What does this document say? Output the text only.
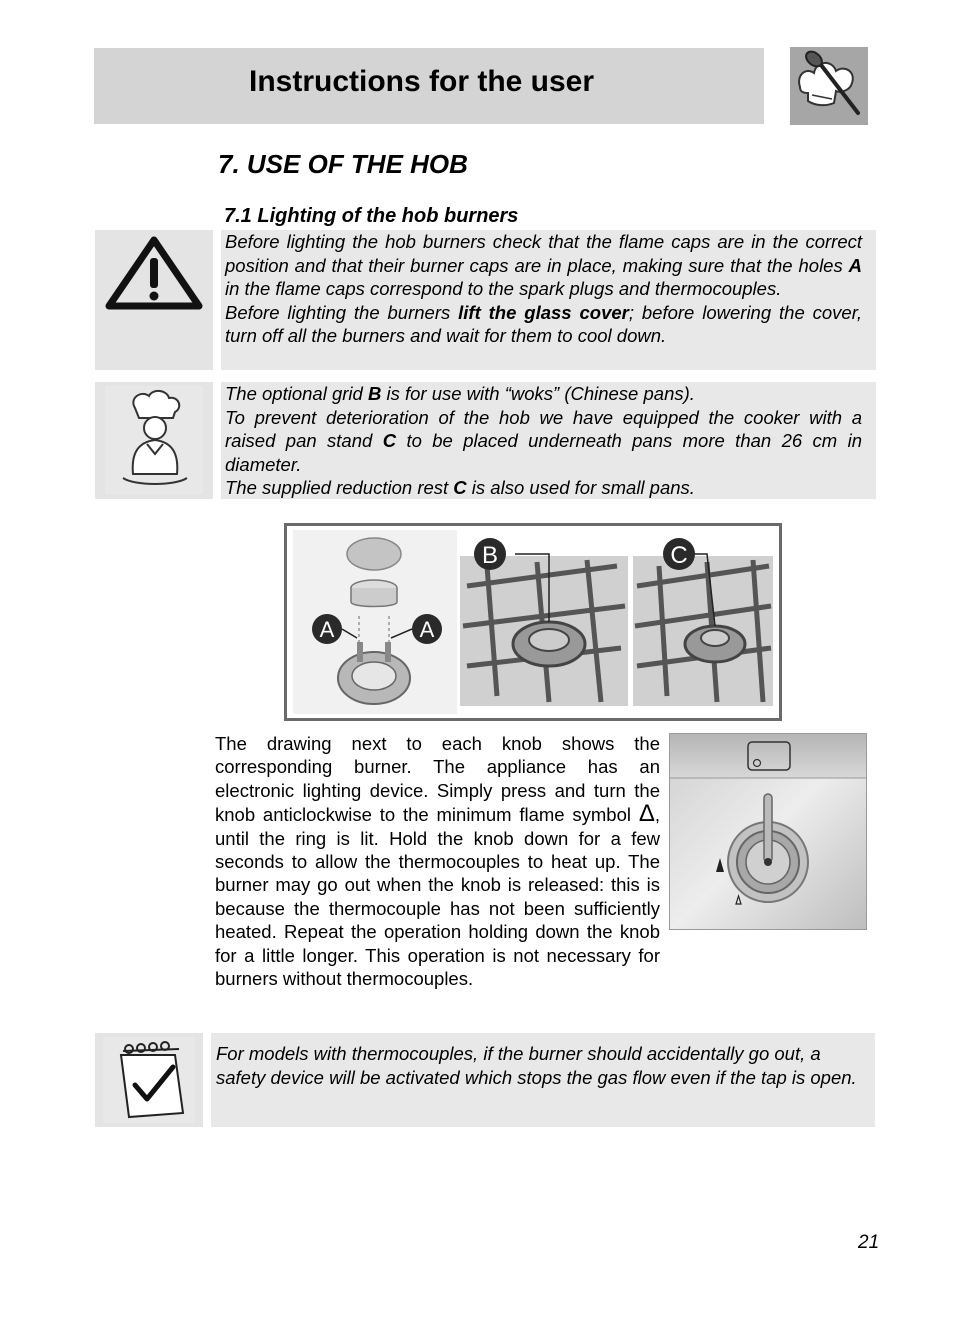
Instructions for the user
7. USE OF THE HOB
7.1 Lighting of the hob burners

Before lighting the hob burners check that the flame caps are in the correct position and that their burner caps are in place, making sure that the holes A in the flame caps correspond to the spark plugs and thermocouples.

Before lighting the burners lift the glass cover; before lowering the cover, turn off all the burners and wait for them to cool down.

The optional grid B is for use with “woks” (Chinese pans).

To prevent deterioration of the hob we have equipped the cooker with a raised pan stand C to be placed underneath pans more than 26 cm in diameter.

The supplied reduction rest C is also used for small pans.

A	A
B	C
The drawing next to each knob shows the corresponding burner. The appliance has an electronic lighting device. Simply press and turn the knob anticlockwise to the minimum flame symbol Δ, until the ring is lit. Hold the knob down for a few seconds to allow the thermocouples to heat up. The burner may go out when the knob is released: this is because the thermocouple has not been sufficiently heated. Repeat the operation holding down the knob for a little longer. This operation is not necessary for burners without thermocouples.

For models with thermocouples, if the burner should accidentally go out, a safety device will be activated which stops the gas flow even if the tap is open.

21
